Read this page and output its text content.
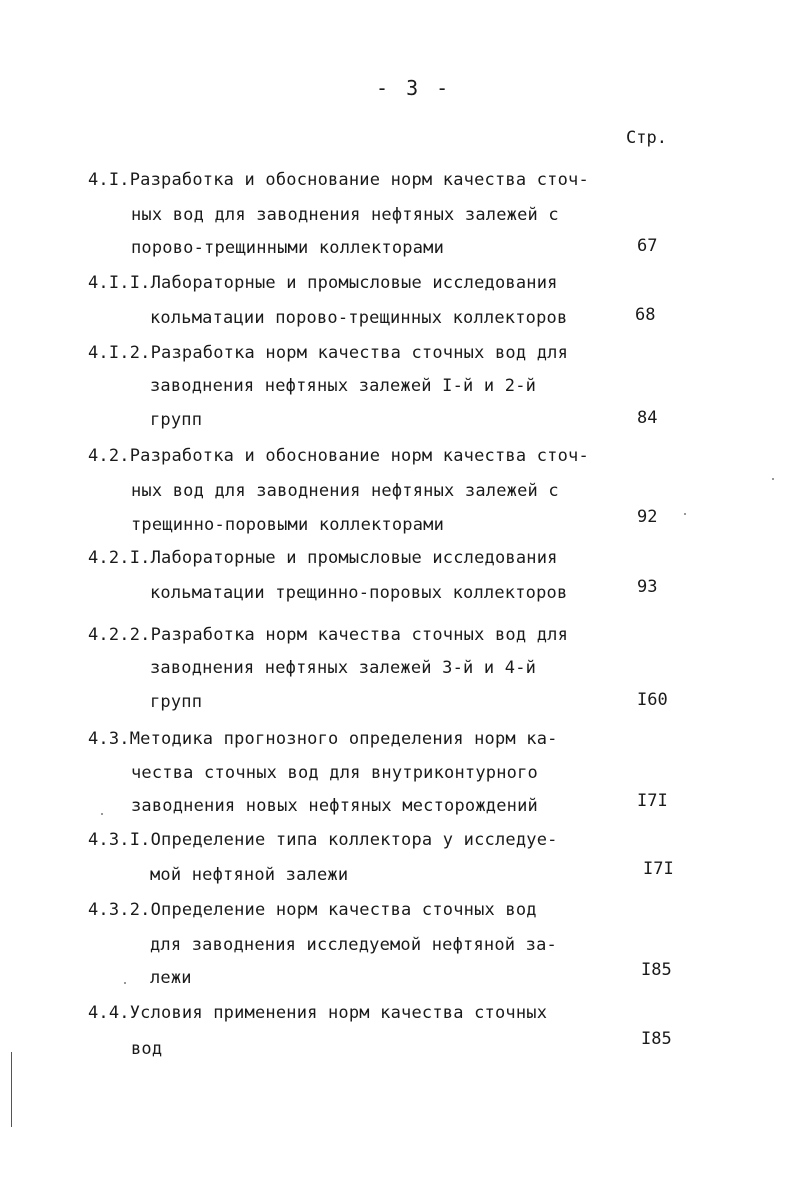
- 3 -
Стр.
4.I.Разработка и обоснование норм качества сточ-
ных вод для заводнения нефтяных залежей с
порово-трещинными коллекторами	67
4.I.I.Лабораторные и промысловые исследования
кольматации порово-трещинных коллекторов	68
4.I.2.Разработка норм качества сточных вод для
заводнения нефтяных залежей I-й и 2-й
групп	84
4.2.Разработка и обоснование норм качества сточ-
ных вод для заводнения нефтяных залежей с
трещинно-поровыми коллекторами	92
4.2.I.Лабораторные и промысловые исследования
кольматации трещинно-поровых коллекторов	93
4.2.2.Разработка норм качества сточных вод для
заводнения нефтяных залежей 3-й и 4-й
групп	I60
4.3.Методика прогнозного определения норм ка-
чества сточных вод для внутриконтурного
заводнения новых нефтяных месторождений	I7I
4.3.I.Определение типа коллектора у исследуе-
мой нефтяной залежи	I7I
4.3.2.Определение норм качества сточных вод
для заводнения исследуемой нефтяной за-
лежи	I85
4.4.Условия применения норм качества сточных
вод	I85
